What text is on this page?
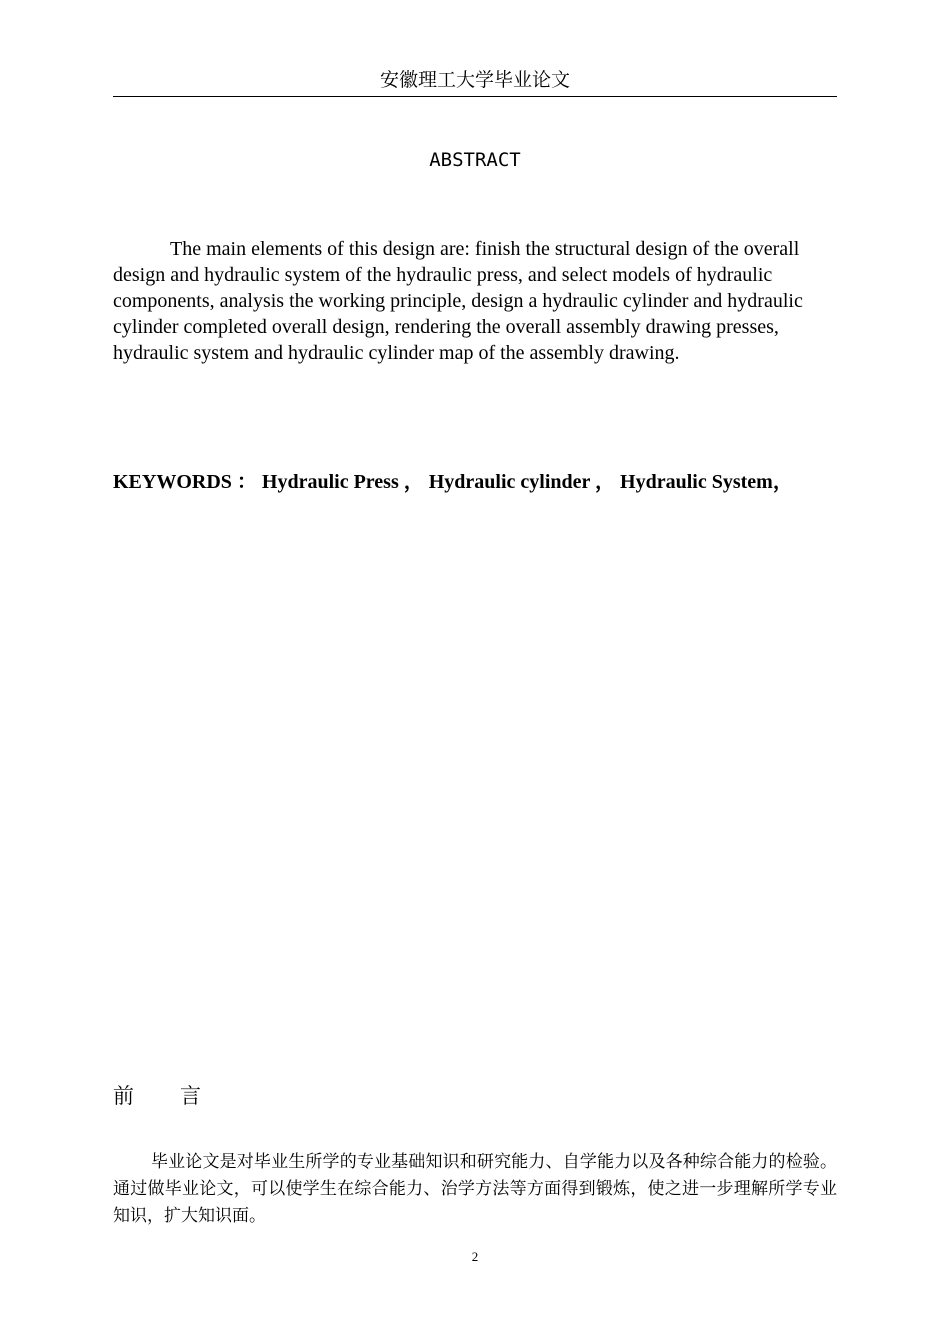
安徽理工大学毕业论文
ABSTRACT

The main elements of this design are: finish the structural design of the overall design and hydraulic system of the hydraulic press, and select models of hydraulic components, analysis the working principle, design a hydraulic cylinder and hydraulic cylinder completed overall design, rendering the overall assembly drawing presses, hydraulic system and hydraulic cylinder map of the assembly drawing.

KEYWORDS ： Hydraulic Press ， Hydraulic cylinder ， Hydraulic System，

前 言

毕业论文是对毕业生所学的专业基础知识和研究能力、自学能力以及各种综合能力的检验。通过做毕业论文，可以使学生在综合能力、治学方法等方面得到锻炼，使之进一步理解所学专业知识，扩大知识面。

2
